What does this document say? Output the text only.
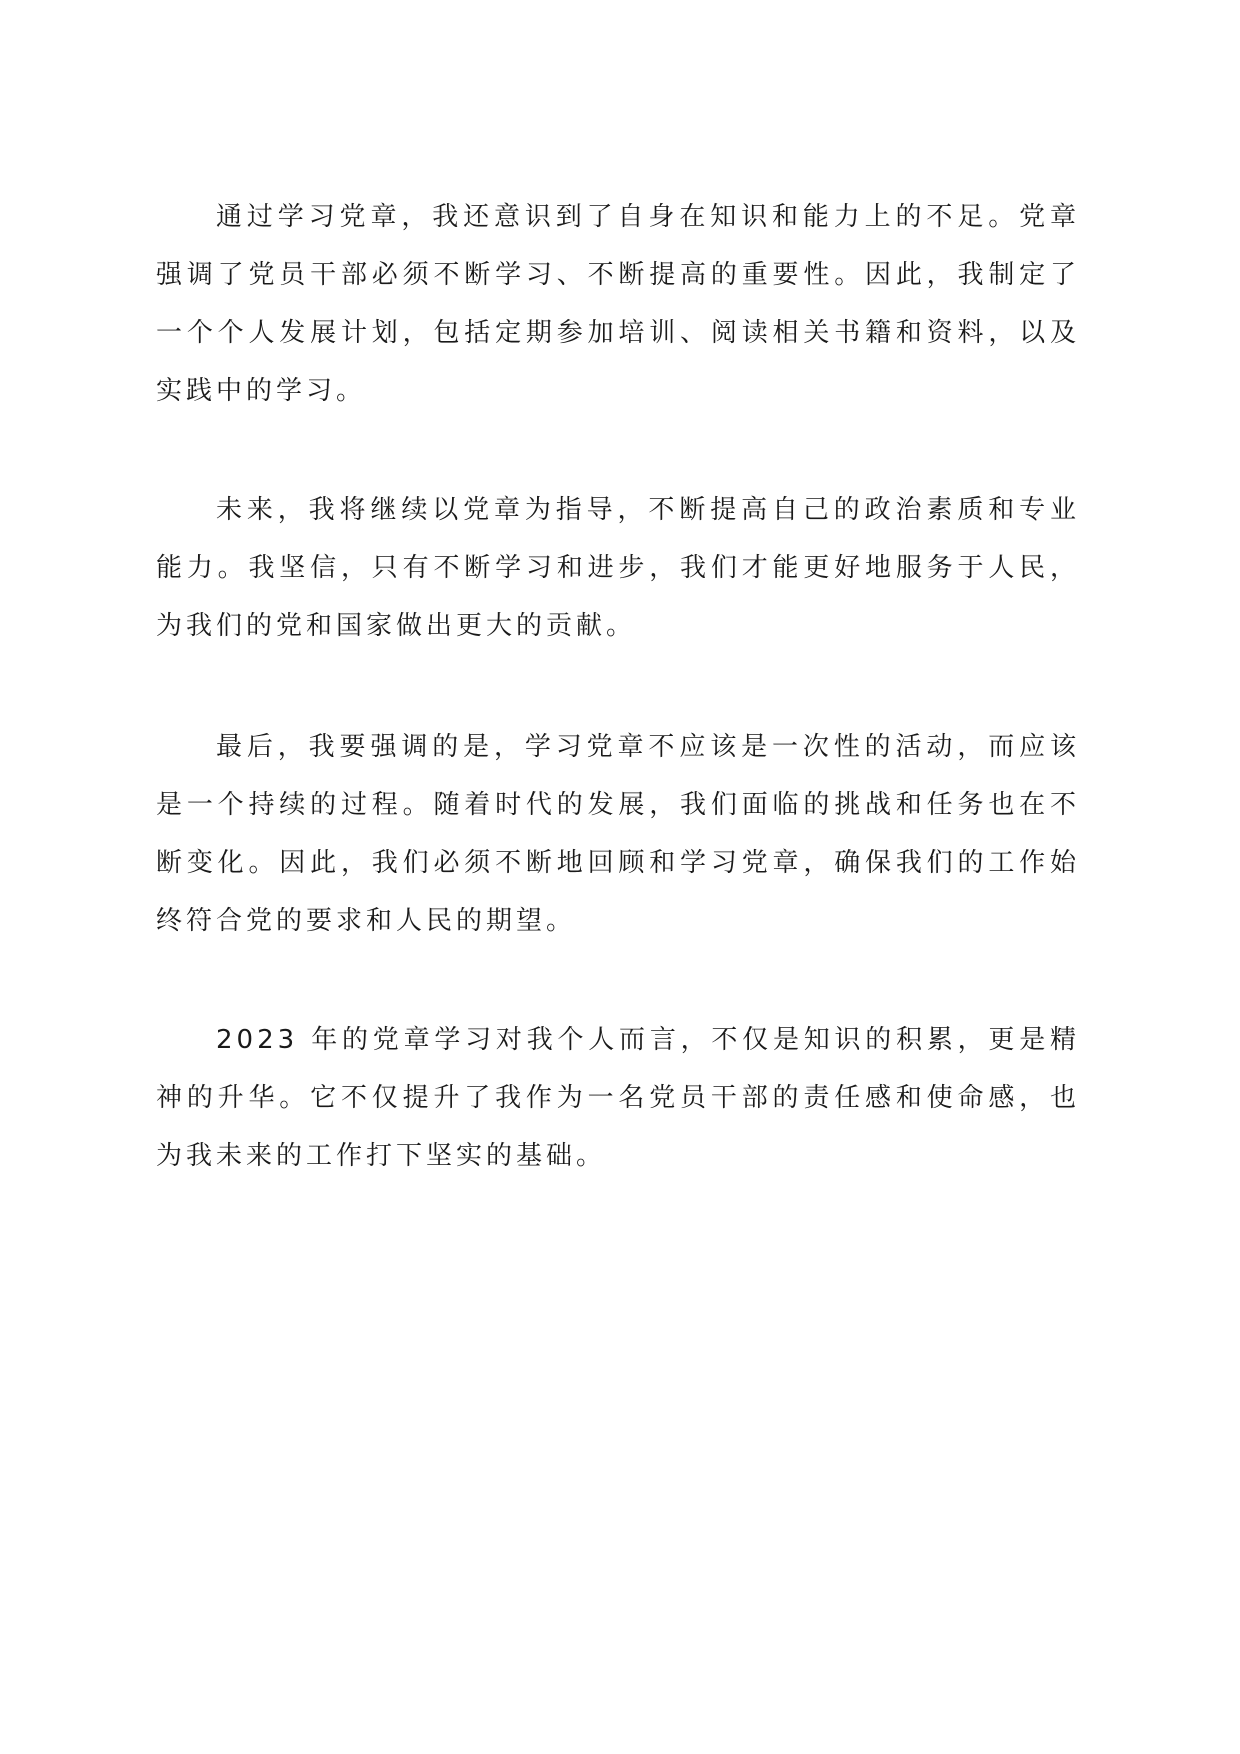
通过学习党章，我还意识到了自身在知识和能力上的不足。党章强调了党员干部必须不断学习、不断提高的重要性。因此，我制定了一个个人发展计划，包括定期参加培训、阅读相关书籍和资料，以及实践中的学习。

未来，我将继续以党章为指导，不断提高自己的政治素质和专业能力。我坚信，只有不断学习和进步，我们才能更好地服务于人民，为我们的党和国家做出更大的贡献。

最后，我要强调的是，学习党章不应该是一次性的活动，而应该是一个持续的过程。随着时代的发展，我们面临的挑战和任务也在不断变化。因此，我们必须不断地回顾和学习党章，确保我们的工作始终符合党的要求和人民的期望。

2023 年的党章学习对我个人而言，不仅是知识的积累，更是精神的升华。它不仅提升了我作为一名党员干部的责任感和使命感，也为我未来的工作打下坚实的基础。
